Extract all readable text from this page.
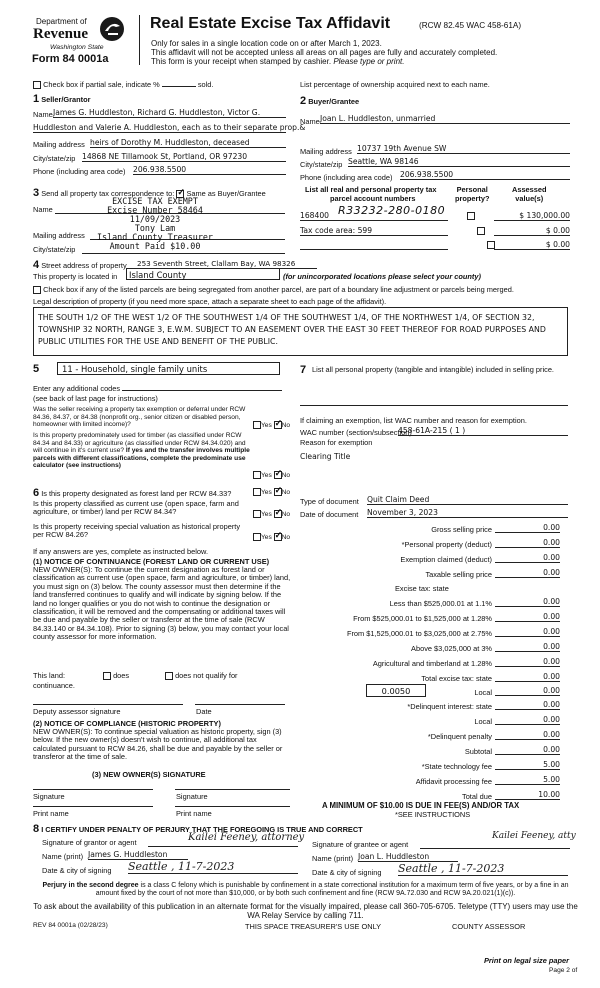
Department of
Revenue
Washington State
Form 84 0001a
Real Estate Excise Tax Affidavit	(RCW 82.45 WAC 458-61A)
Only for sales in a single location code on or after March 1, 2023.
This affidavit will not be accepted unless all areas on all pages are fully and accurately completed.
This form is your receipt when stamped by cashier. Please type or print.
Check box if partial sale, indicate %	sold.	List percentage of ownership acquired next to each name.
1 Seller/Grantor
Name James G. Huddleston, Richard G. Huddleston, Victor G.
Huddleston and Valerie A. Huddleston, each as to their separate prop.&
Mailing address heirs of Dorothy M. Huddleston, deceased
City/state/zip 14868 NE Tillamook St, Portland, OR 97230
Phone (including area code) 206.938.5500
2 Buyer/Grantee
Name Joan L. Huddleston, unmarried
Mailing address 10737 19th Avenue SW
City/state/zip Seattle, WA 98146
Phone (including area code) 206.938.5500
3 Send all property tax correspondence to: ✓ Same as Buyer/Grantee
Name
Mailing address
City/state/zip
EXCISE TAX EXEMPT
Excise Number 58464
11/09/2023
Tony Lam
Island County Treasurer
Amount Paid $10.00
List all real and personal property tax
parcel account numbers
Personal
property?
Assessed
value(s)
R33232-280-0180
168400
	$ 130,000.00
Tax code area: 599
	$ 0.00
$ 0.00
4 Street address of property 253 Seventh Street, Clallam Bay, WA 98326
This property is located in	Island County	(for unincorporated locations please select your county)
Check box if any of the listed parcels are being segregated from another parcel, are part of a boundary line adjustment or parcels being merged.
Legal description of property (if you need more space, attach a separate sheet to each page of the affidavit).
THE SOUTH 1/2 OF THE WEST 1/2 OF THE SOUTHWEST 1/4 OF THE SOUTHWEST 1/4, OF THE NORTHWEST 1/4, OF SECTION 32, TOWNSHIP 32 NORTH, RANGE 3, E.W.M. SUBJECT TO AN EASEMENT OVER THE EAST 30 FEET THEREOF FOR ROAD PURPOSES AND PUBLIC UTILITIES FOR THE USE AND BENEFIT OF THE PUBLIC.
5	11 - Household, single family units
Enter any additional codes
(see back of last page for instructions)
Was the seller receiving a property tax exemption or deferral under RCW 84.36, 84.37, or 84.38 (nonprofit org., senior citizen or disabled person, homeowner with limited income)?	Yes ✓ No
Is this property predominately used for timber (as classified under RCW 84.34 and 84.33) or agriculture (as classified under RCW 84.34.020) and will continue in it's current use? If yes and the transfer involves multiple parcels with different classifications, complete the predominate use calculator (see instructions)
Yes ✓ No
6 Is this property designated as forest land per RCW 84.33?	Yes ✓ No
Is this property classified as current use (open space, farm and agriculture, or timber) land per RCW 84.34?	Yes ✓ No
Is this property receiving special valuation as historical property per RCW 84.26?	Yes ✓ No
If any answers are yes, complete as instructed below.
(1) NOTICE OF CONTINUANCE (FOREST LAND OR CURRENT USE)
NEW OWNER(S): To continue the current designation as forest land or classification as current use (open space, farm and agriculture, or timber) land, you must sign on (3) below. The county assessor must then determine if the land transferred continues to qualify and will indicate by signing below. If the land no longer qualifies or you do not wish to continue the designation or classification, it will be removed and the compensating or additional taxes will be due and payable by the seller or transferor at the time of sale (RCW 84.33.140 or 84.34.108). Prior to signing (3) below, you may contact your local county assessor for more information.
This land:	does	does not qualify for
continuance.
Deputy assessor signature	Date
(2) NOTICE OF COMPLIANCE (HISTORIC PROPERTY)
NEW OWNER(S): To continue special valuation as historic property, sign (3) below. If the new owner(s) doesn't wish to continue, all additional tax calculated pursuant to RCW 84.26, shall be due and payable by the seller or transferor at the time of sale.
(3) NEW OWNER(S) SIGNATURE
Signature	Signature
Print name	Print name
7 List all personal property (tangible and intangible) included in selling price.
If claiming an exemption, list WAC number and reason for exemption.
WAC number (section/subsection)
458-61A-215 ( 1 )
Reason for exemption
Clearing Title
Type of document Quit Claim Deed
Date of document November 3, 2023
Gross selling price	0.00
*Personal property (deduct)	0.00
Exemption claimed (deduct)	0.00
Taxable selling price	0.00
Excise tax: state
Less than $525,000.01 at 1.1%	0.00
From $525,000.01 to $1,525,000 at 1.28%	0.00
From $1,525,000.01 to $3,025,000 at 2.75%	0.00
Above $3,025,000 at 3%	0.00
Agricultural and timberland at 1.28%	0.00
Total excise tax: state	0.00
0.0050	Local	0.00
*Delinquent interest: state	0.00
Local	0.00
*Delinquent penalty	0.00
Subtotal	0.00
*State technology fee	5.00
Affidavit processing fee	5.00
Total due	10.00
A MINIMUM OF $10.00 IS DUE IN FEE(S) AND/OR TAX
*SEE INSTRUCTIONS
8 I CERTIFY UNDER PENALTY OF PERJURY THAT THE FOREGOING IS TRUE AND CORRECT
Signature of grantor or agent	Kailei Feeney, attorney
Name (print) James G. Huddleston
Date & city of signing Seattle , 11-7-2023
Signature of grantee or agent
Kailei Feeney, atty
Name (print) Joan L. Huddleston
Date & city of signing Seattle , 11-7-2023
Perjury in the second degree is a class C felony which is punishable by confinement in a state correctional institution for a maximum term of five years, or by a fine in an amount fixed by the court of not more than $10,000, or by both such confinement and fine (RCW 9A.72.030 and RCW 9A.20.021(1)(c)).
To ask about the availability of this publication in an alternate format for the visually impaired, please call 360-705-6705. Teletype (TTY) users may use the WA Relay Service by calling 711.
REV 84 0001a (02/28/23)	THIS SPACE TREASURER'S USE ONLY	COUNTY ASSESSOR
Print on legal size paper
Page 2 of
